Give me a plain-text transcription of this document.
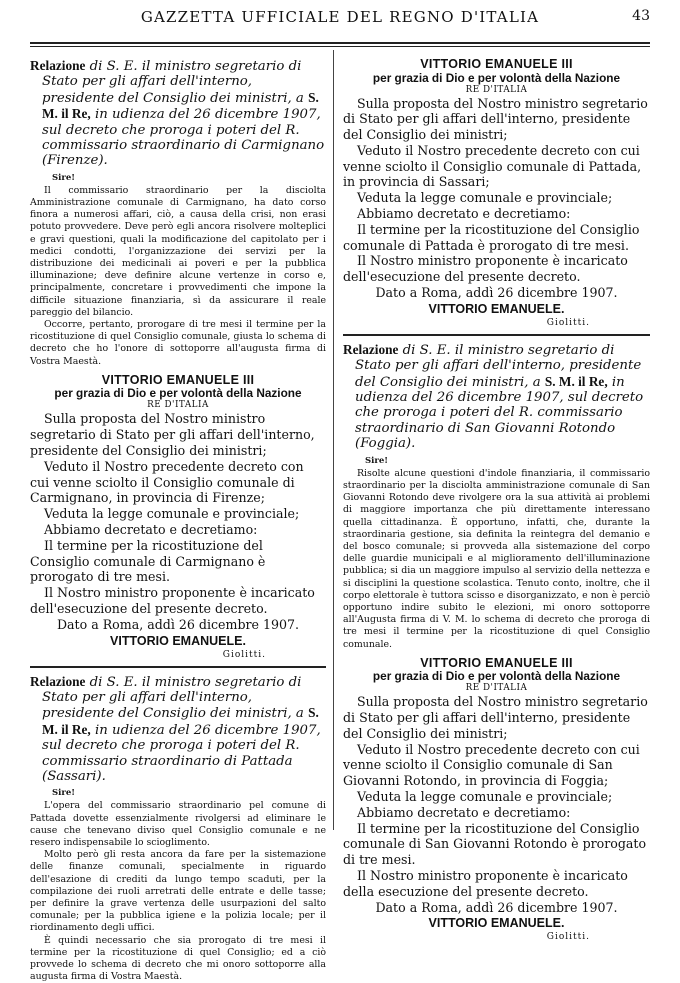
GAZZETTA UFFICIALE DEL REGNO D'ITALIA	43

Relazione di S. E. il ministro segretario di Stato per gli affari dell'interno, presidente del Consiglio dei ministri, a S. M. il Re, in udienza del 26 dicembre 1907, sul decreto che proroga i poteri del R. commissario straordinario di Carmignano (Firenze).

Sire!

Il commissario straordinario per la disciolta Amministrazione comunale di Carmignano, ha dato corso finora a numerosi affari, ciò, a causa della crisi, non erasi potuto provvedere. Deve però egli ancora risolvere molteplici e gravi questioni, quali la modificazione del capitolato per i medici condotti, l'organizzazione dei servizi per la distribuzione dei medicinali ai poveri e per la pubblica illuminazione; deve definire alcune vertenze in corso e, principalmente, concretare i provvedimenti che impone la difficile situazione finanziaria, sì da assicurare il reale pareggio del bilancio.

Occorre, pertanto, prorogare di tre mesi il termine per la ricostituzione di quel Consiglio comunale, giusta lo schema di decreto che ho l'onore di sottoporre all'augusta firma di Vostra Maestà.

VITTORIO EMANUELE III

per grazia di Dio e per volontà della Nazione

RE D'ITALIA

Sulla proposta del Nostro ministro segretario di Stato per gli affari dell'interno, presidente del Consiglio dei ministri;

Veduto il Nostro precedente decreto con cui venne sciolto il Consiglio comunale di Carmignano, in provincia di Firenze;

Veduta la legge comunale e provinciale;

Abbiamo decretato e decretiamo:

Il termine per la ricostituzione del Consiglio comunale di Carmignano è prorogato di tre mesi.

Il Nostro ministro proponente è incaricato dell'esecuzione del presente decreto.

Dato a Roma, addì 26 dicembre 1907.

VITTORIO EMANUELE.

Giolitti.

Relazione di S. E. il ministro segretario di Stato per gli affari dell'interno, presidente del Consiglio dei ministri, a S. M. il Re, in udienza del 26 dicembre 1907, sul decreto che proroga i poteri del R. commissario straordinario di Pattada (Sassari).

Sire!

L'opera del commissario straordinario pel comune di Pattada dovette essenzialmente rivolgersi ad eliminare le cause che tenevano diviso quel Consiglio comunale e ne resero indispensabile lo scioglimento.

Molto però gli resta ancora da fare per la sistemazione delle finanze comunali, specialmente in riguardo dell'esazione di crediti da lungo tempo scaduti, per la compilazione dei ruoli arretrati delle entrate e delle tasse; per definire la grave vertenza delle usurpazioni del salto comunale; per la pubblica igiene e la polizia locale; per il riordinamento degli uffici.

È quindi necessario che sia prorogato di tre mesi il termine per la ricostituzione di quel Consiglio; ed a ciò provvede lo schema di decreto che mi onoro sottoporre alla augusta firma di Vostra Maestà.

VITTORIO EMANUELE III

per grazia di Dio e per volontà della Nazione

RE D'ITALIA

Sulla proposta del Nostro ministro segretario di Stato per gli affari dell'interno, presidente del Consiglio dei ministri;

Veduto il Nostro precedente decreto con cui venne sciolto il Consiglio comunale di Pattada, in provincia di Sassari;

Veduta la legge comunale e provinciale;

Abbiamo decretato e decretiamo:

Il termine per la ricostituzione del Consiglio comunale di Pattada è prorogato di tre mesi.

Il Nostro ministro proponente è incaricato dell'esecuzione del presente decreto.

Dato a Roma, addì 26 dicembre 1907.

VITTORIO EMANUELE.

Giolitti.

Relazione di S. E. il ministro segretario di Stato per gli affari dell'interno, presidente del Consiglio dei ministri, a S. M. il Re, in udienza del 26 dicembre 1907, sul decreto che proroga i poteri del R. commissario straordinario di San Giovanni Rotondo (Foggia).

Sire!

Risolte alcune questioni d'indole finanziaria, il commissario straordinario per la disciolta amministrazione comunale di San Giovanni Rotondo deve rivolgere ora la sua attività ai problemi di maggiore importanza che più direttamente interessano quella cittadinanza. È opportuno, infatti, che, durante la straordinaria gestione, sia definita la reintegra del demanio e del bosco comunale; si provveda alla sistemazione del corpo delle guardie municipali e al miglioramento dell'illuminazione pubblica; si dia un maggiore impulso al servizio della nettezza e si disciplini la questione scolastica. Tenuto conto, inoltre, che il corpo elettorale è tuttora scisso e disorganizzato, e non è perciò opportuno indire subito le elezioni, mi onoro sottoporre all'Augusta firma di V. M. lo schema di decreto che proroga di tre mesi il termine per la ricostituzione di quel Consiglio comunale.

VITTORIO EMANUELE III

per grazia di Dio e per volontà della Nazione

RE D'ITALIA

Sulla proposta del Nostro ministro segretario di Stato per gli affari dell'interno, presidente del Consiglio dei ministri;

Veduto il Nostro precedente decreto con cui venne sciolto il Consiglio comunale di San Giovanni Rotondo, in provincia di Foggia;

Veduta la legge comunale e provinciale;

Abbiamo decretato e decretiamo:

Il termine per la ricostituzione del Consiglio comunale di San Giovanni Rotondo è prorogato di tre mesi.

Il Nostro ministro proponente è incaricato della esecuzione del presente decreto.

Dato a Roma, addì 26 dicembre 1907.

VITTORIO EMANUELE.

Giolitti.
